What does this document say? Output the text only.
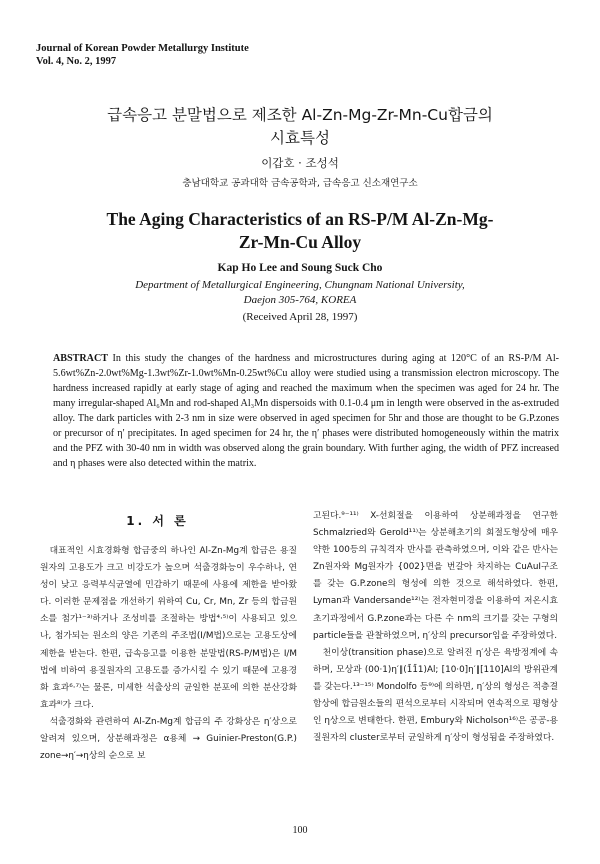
Journal of Korean Powder Metallurgy Institute
Vol. 4, No. 2, 1997
급속응고 분말법으로 제조한 Al-Zn-Mg-Zr-Mn-Cu합금의
시효특성
이갑호 · 조성석
충남대학교 공과대학 금속공학과, 급속응고 신소재연구소
The Aging Characteristics of an RS-P/M Al-Zn-Mg-
Zr-Mn-Cu Alloy
Kap Ho Lee and Soung Suck Cho
Department of Metallurgical Engineering, Chungnam National University,
Daejon 305-764, KOREA
(Received April 28, 1997)
ABSTRACT In this study the changes of the hardness and microstructures during aging at 120°C of an RS-P/M Al-5.6wt%Zn-2.0wt%Mg-1.3wt%Zr-1.0wt%Mn-0.25wt%Cu alloy were studied using a transmission electron microscopy. The hardness increased rapidly at early stage of aging and reached the maximum when the specimen was aged for 24 hr. The many irregular-shaped Al₆Mn and rod-shaped Al₃Mn dispersoids with 0.1-0.4 μm in length were observed in the as-extruded alloy. The dark particles with 2-3 nm in size were observed in aged specimen for 5hr and those are thought to be G.P.zones or precursor of η′ precipitates. In aged specimen for 24 hr, the η′ phases were distributed homogeneously within the matrix and the PFZ with 30-40 nm in width was observed along the grain boundary. With further aging, the width of PFZ increased and η phases were also detected within the matrix.
1. 서 론

대표적인 시효경화형 합금중의 하나인 Al-Zn-Mg계 합금은 용질원자의 고용도가 크고 비강도가 높으며 석출경화능이 우수하나, 연성이 낮고 응력부식균열에 민감하기 때문에 사용에 제한을 받아왔다. 이러한 문제점을 개선하기 위하여 Cu, Cr, Mn, Zr 등의 합금원소를 첨가¹⁻³⁾하거나 조성비를 조절하는 방법⁴·⁵⁾이 사용되고 있으나, 첨가되는 원소의 양은 기존의 주조법(I/M법)으로는 고용도상에 제한을 받는다. 한편, 급속응고를 이용한 분말법(RS-P/M법)은 I/M법에 비하여 용질원자의 고용도를 증가시킬 수 있기 때문에 고용경화 효과⁶·⁷⁾는 물론, 미세한 석출상의 균일한 분포에 의한 분산강화 효과⁸⁾가 크다.

석출경화와 관련하여 Al-Zn-Mg계 합금의 주 강화상은 η′상으로 알려져 있으며, 상분해과정은 α용체 → Guinier-Preston(G.P.) zone→η′→η상의 순으로 보

고된다.⁹⁻¹¹⁾ X-선회절을 이용하여 상분해과정을 연구한 Schmalzried와 Gerold¹¹⁾는 상분해초기의 회절도형상에 매우 약한 100등의 규칙격자 반사를 관측하였으며, 이와 같은 반사는 Zn원자와 Mg원자가 {002}면을 번갈아 차지하는 CuAuI구조를 갖는 G.P.zone의 형성에 의한 것으로 해석하였다. 한편, Lyman과 Vandersande¹²⁾는 전자현미경을 이용하여 저온시효초기과정에서 G.P.zone과는 다른 수 nm의 크기를 갖는 구형의 particle들을 관찰하였으며, η′상의 precursor임을 주장하였다.

천이상(transition phase)으로 알려진 η′상은 육방정계에 속하며, 모상과 (00·1)η′∥(1̄1̄1)Al; [10·0]η′∥[110]Al의 방위관계를 갖는다.¹³⁻¹⁵⁾ Mondolfo 등⁹⁾에 의하면, η′상의 형성은 적층결함상에 합금원소들의 편석으로부터 시작되며 연속적으로 평형상인 η상으로 변태한다. 한편, Embury와 Nicholson¹⁶⁾은 공공-용질원자의 cluster로부터 균일하게 η′상이 형성됨을 주장하였다.

100
